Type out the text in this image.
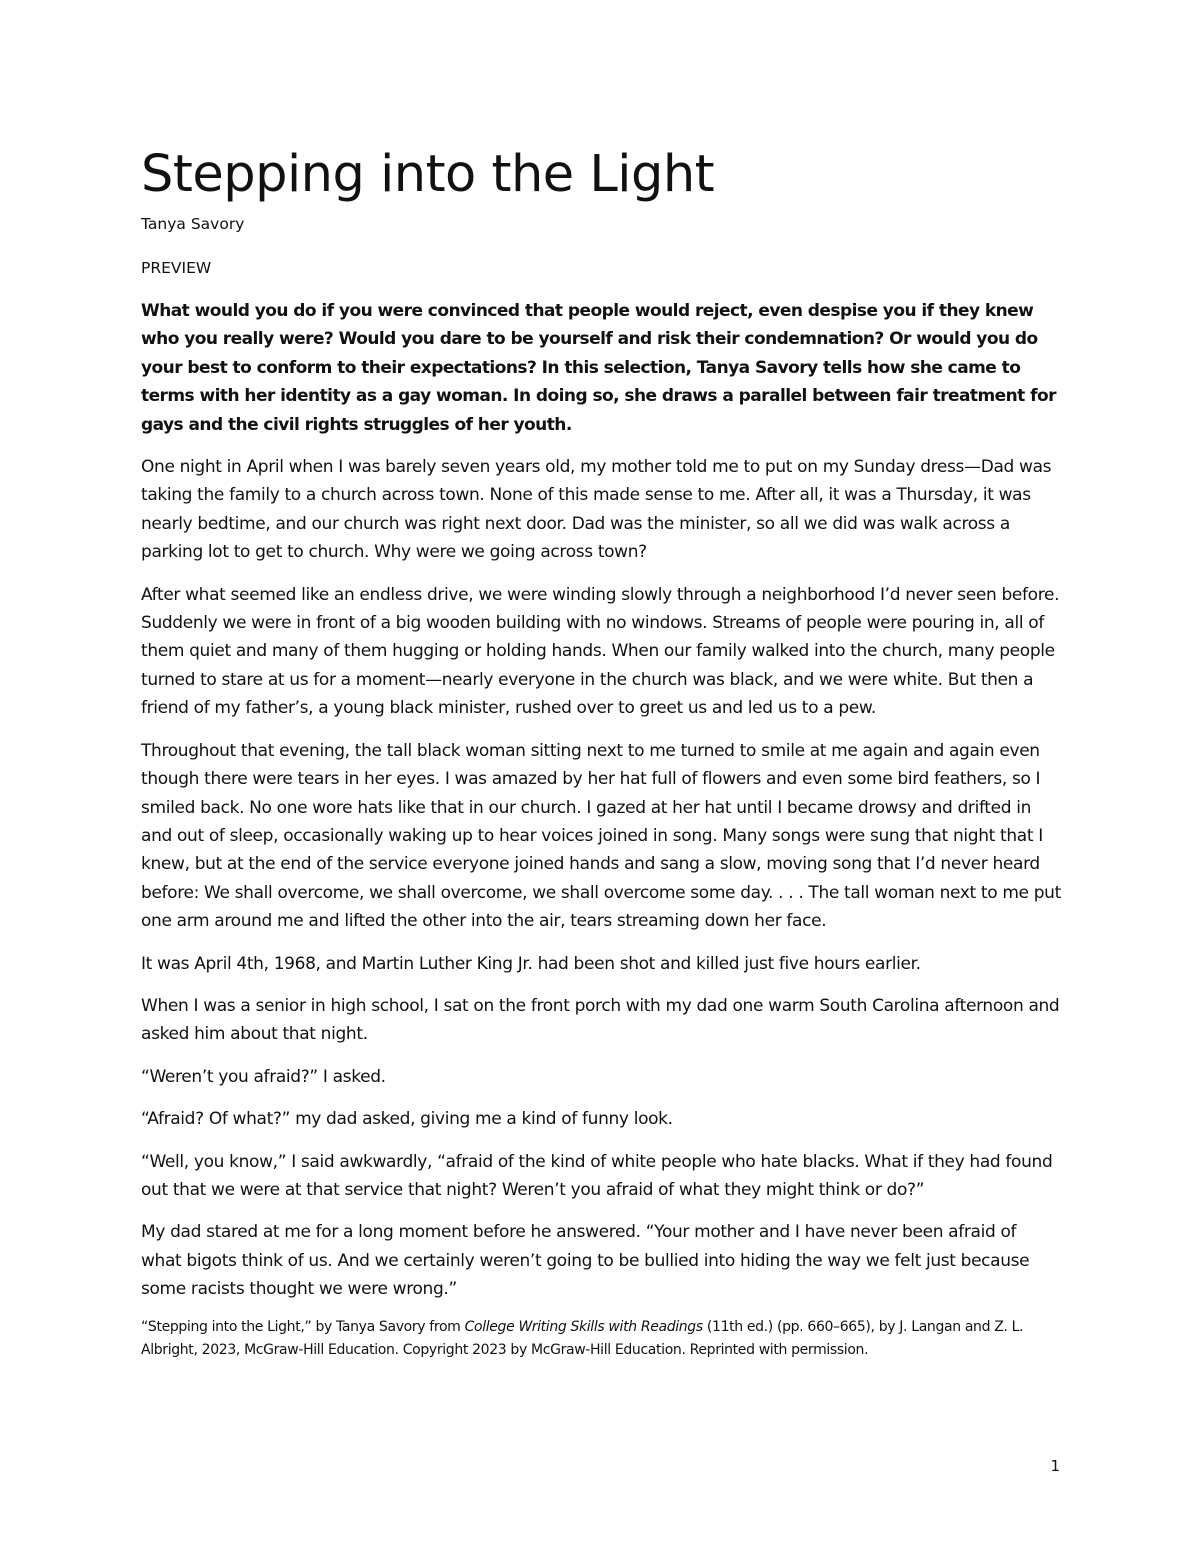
Stepping into the Light
Tanya Savory
PREVIEW

What would you do if you were convinced that people would reject, even despise you if they knew who you really were? Would you dare to be yourself and risk their condemnation? Or would you do your best to conform to their expectations? In this selection, Tanya Savory tells how she came to terms with her identity as a gay woman. In doing so, she draws a parallel between fair treatment for gays and the civil rights struggles of her youth.

One night in April when I was barely seven years old, my mother told me to put on my Sunday dress—Dad was taking the family to a church across town. None of this made sense to me. After all, it was a Thursday, it was nearly bedtime, and our church was right next door. Dad was the minister, so all we did was walk across a parking lot to get to church. Why were we going across town?

After what seemed like an endless drive, we were winding slowly through a neighborhood I’d never seen before. Suddenly we were in front of a big wooden building with no windows. Streams of people were pouring in, all of them quiet and many of them hugging or holding hands. When our family walked into the church, many people turned to stare at us for a moment—nearly everyone in the church was black, and we were white. But then a friend of my father’s, a young black minister, rushed over to greet us and led us to a pew.

Throughout that evening, the tall black woman sitting next to me turned to smile at me again and again even though there were tears in her eyes. I was amazed by her hat full of flowers and even some bird feathers, so I smiled back. No one wore hats like that in our church. I gazed at her hat until I became drowsy and drifted in and out of sleep, occasionally waking up to hear voices joined in song. Many songs were sung that night that I knew, but at the end of the service everyone joined hands and sang a slow, moving song that I’d never heard before: We shall overcome, we shall overcome, we shall overcome some day. . . . The tall woman next to me put one arm around me and lifted the other into the air, tears streaming down her face.

It was April 4th, 1968, and Martin Luther King Jr. had been shot and killed just five hours earlier.

When I was a senior in high school, I sat on the front porch with my dad one warm South Carolina afternoon and asked him about that night.

“Weren’t you afraid?” I asked.

“Afraid? Of what?” my dad asked, giving me a kind of funny look.

“Well, you know,” I said awkwardly, “afraid of the kind of white people who hate blacks. What if they had found out that we were at that service that night? Weren’t you afraid of what they might think or do?”

My dad stared at me for a long moment before he answered. “Your mother and I have never been afraid of what bigots think of us. And we certainly weren’t going to be bullied into hiding the way we felt just because some racists thought we were wrong.”

“Stepping into the Light,” by Tanya Savory from College Writing Skills with Readings (11th ed.) (pp. 660–665), by J. Langan and Z. L. Albright, 2023, McGraw-Hill Education. Copyright 2023 by McGraw-Hill Education. Reprinted with permission.

1
